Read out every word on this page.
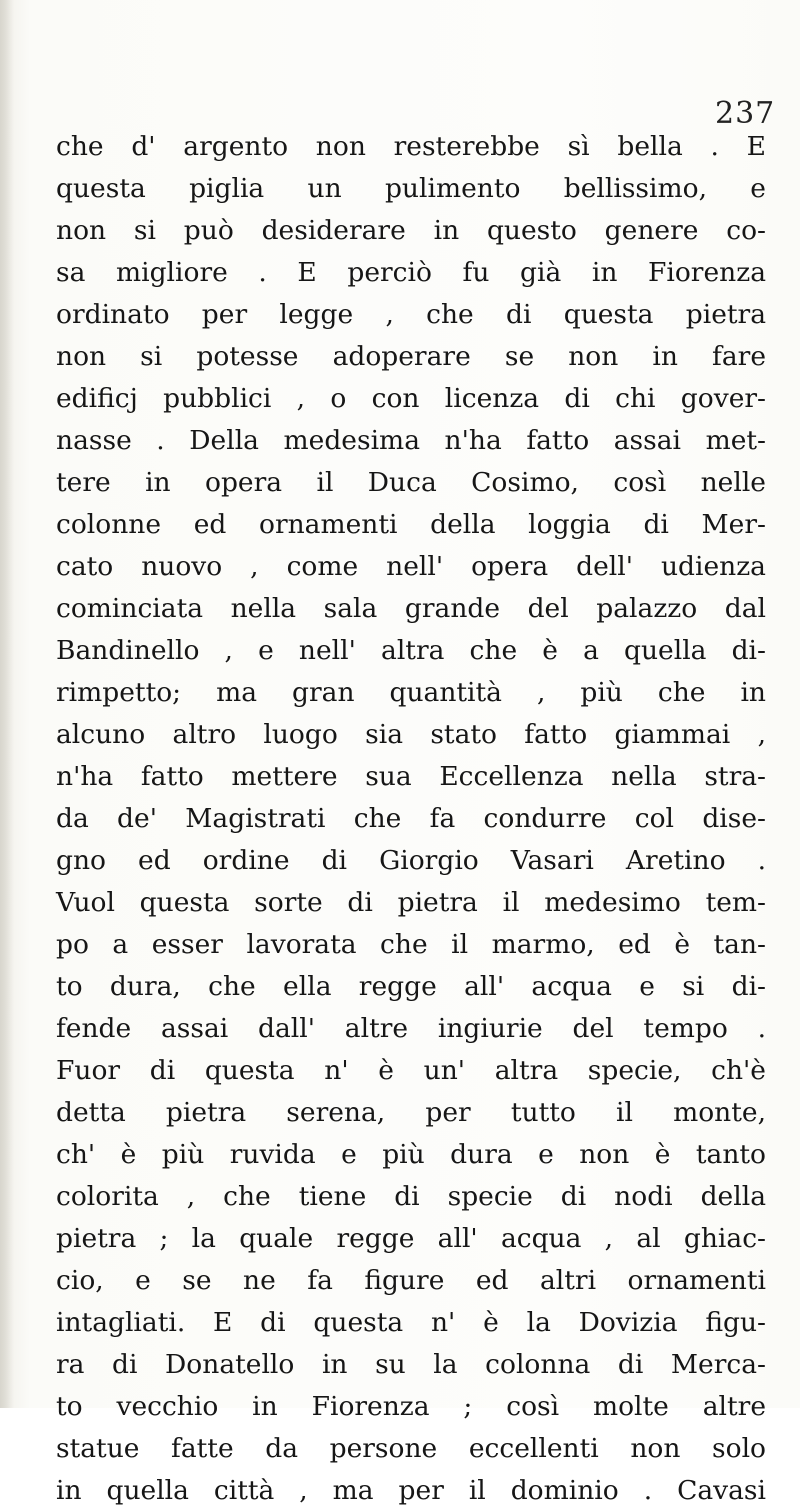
237
che d' argento non resterebbe sì bella . E
questa piglia un pulimento bellissimo, e
non si può desiderare in questo genere co-
sa migliore . E perciò fu già in Fiorenza
ordinato per legge , che di questa pietra
non si potesse adoperare se non in fare
edificj pubblici , o con licenza di chi gover-
nasse . Della medesima n'ha fatto assai met-
tere in opera il Duca Cosimo, così nelle
colonne ed ornamenti della loggia di Mer-
cato nuovo , come nell' opera dell' udienza
cominciata nella sala grande del palazzo dal
Bandinello , e nell' altra che è a quella di-
rimpetto; ma gran quantità , più che in
alcuno altro luogo sia stato fatto giammai ,
n'ha fatto mettere sua Eccellenza nella stra-
da de' Magistrati che fa condurre col dise-
gno ed ordine di Giorgio Vasari Aretino .
Vuol questa sorte di pietra il medesimo tem-
po a esser lavorata che il marmo, ed è tan-
to dura, che ella regge all' acqua e si di-
fende assai dall' altre ingiurie del tempo .
Fuor di questa n' è un' altra specie, ch'è
detta pietra serena, per tutto il monte,
ch' è più ruvida e più dura e non è tanto
colorita , che tiene di specie di nodi della
pietra ; la quale regge all' acqua , al ghiac-
cio, e se ne fa figure ed altri ornamenti
intagliati. E di questa n' è la Dovizia figu-
ra di Donatello in su la colonna di Merca-
to vecchio in Fiorenza ; così molte altre
statue fatte da persone eccellenti non solo
in quella città , ma per il dominio . Cavasi
